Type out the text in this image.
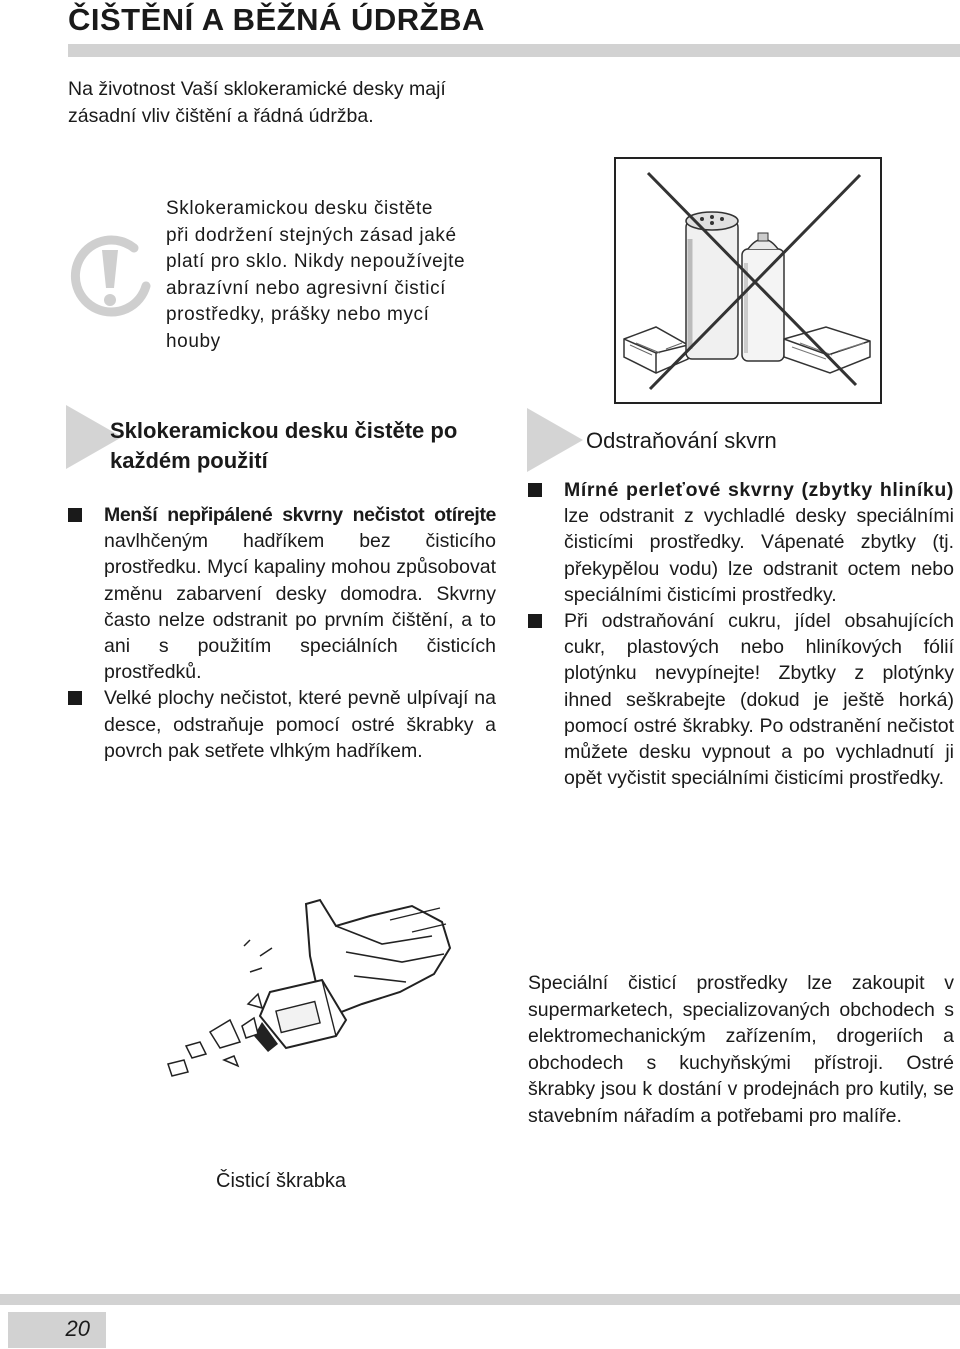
ČIŠTĚNÍ A BĚŽNÁ ÚDRŽBA
Na životnost Vaší sklokeramické desky mají
zásadní vliv čištění a řádná údržba.
Sklokeramickou desku čistěte
při dodržení stejných zásad jaké
platí pro sklo. Nikdy nepoužívejte
abrazívní nebo agresivní čisticí
prostředky, prášky nebo mycí
houby
Sklokeramickou desku čistěte po
každém použití
Menší nepřipálené skvrny nečistot otírejte navlhčeným hadříkem bez čisticího prostředku. Mycí kapaliny mohou způsobovat změnu zabarvení desky domodra. Skvrny často nelze odstranit po prvním čištění, a to ani s použitím speciálních čisticích prostředků.
Velké plochy nečistot, které pevně ulpívají na desce, odstraňuje pomocí ostré škrabky a povrch pak setřete vlhkým hadříkem.
Odstraňování skvrn
Mírné perleťové skvrny (zbytky hliníku) lze odstranit z vychladlé desky speciálními čisticími prostředky. Vápenaté zbytky (tj. překypělou vodu) lze odstranit octem nebo speciálními čisticími prostředky.
Při odstraňování cukru, jídel obsahujících cukr, plastových nebo hliníkových fólií plotýnku nevypínejte! Zbytky z plotýnky ihned seškrabejte (dokud je ještě horká) pomocí ostré škrabky. Po odstranění nečistot můžete desku vypnout a po vychladnutí ji opět vyčistit speciálními čisticími prostředky.
Čisticí škrabka
Speciální čisticí prostředky lze zakoupit v supermarketech, specializovaných obchodech s elektromechanickým zařízením, drogeriích a obchodech s kuchyňskými přístroji. Ostré škrabky jsou k dostání v prodejnách pro kutily, se stavebním nářadím a potřebami pro malíře.
20
